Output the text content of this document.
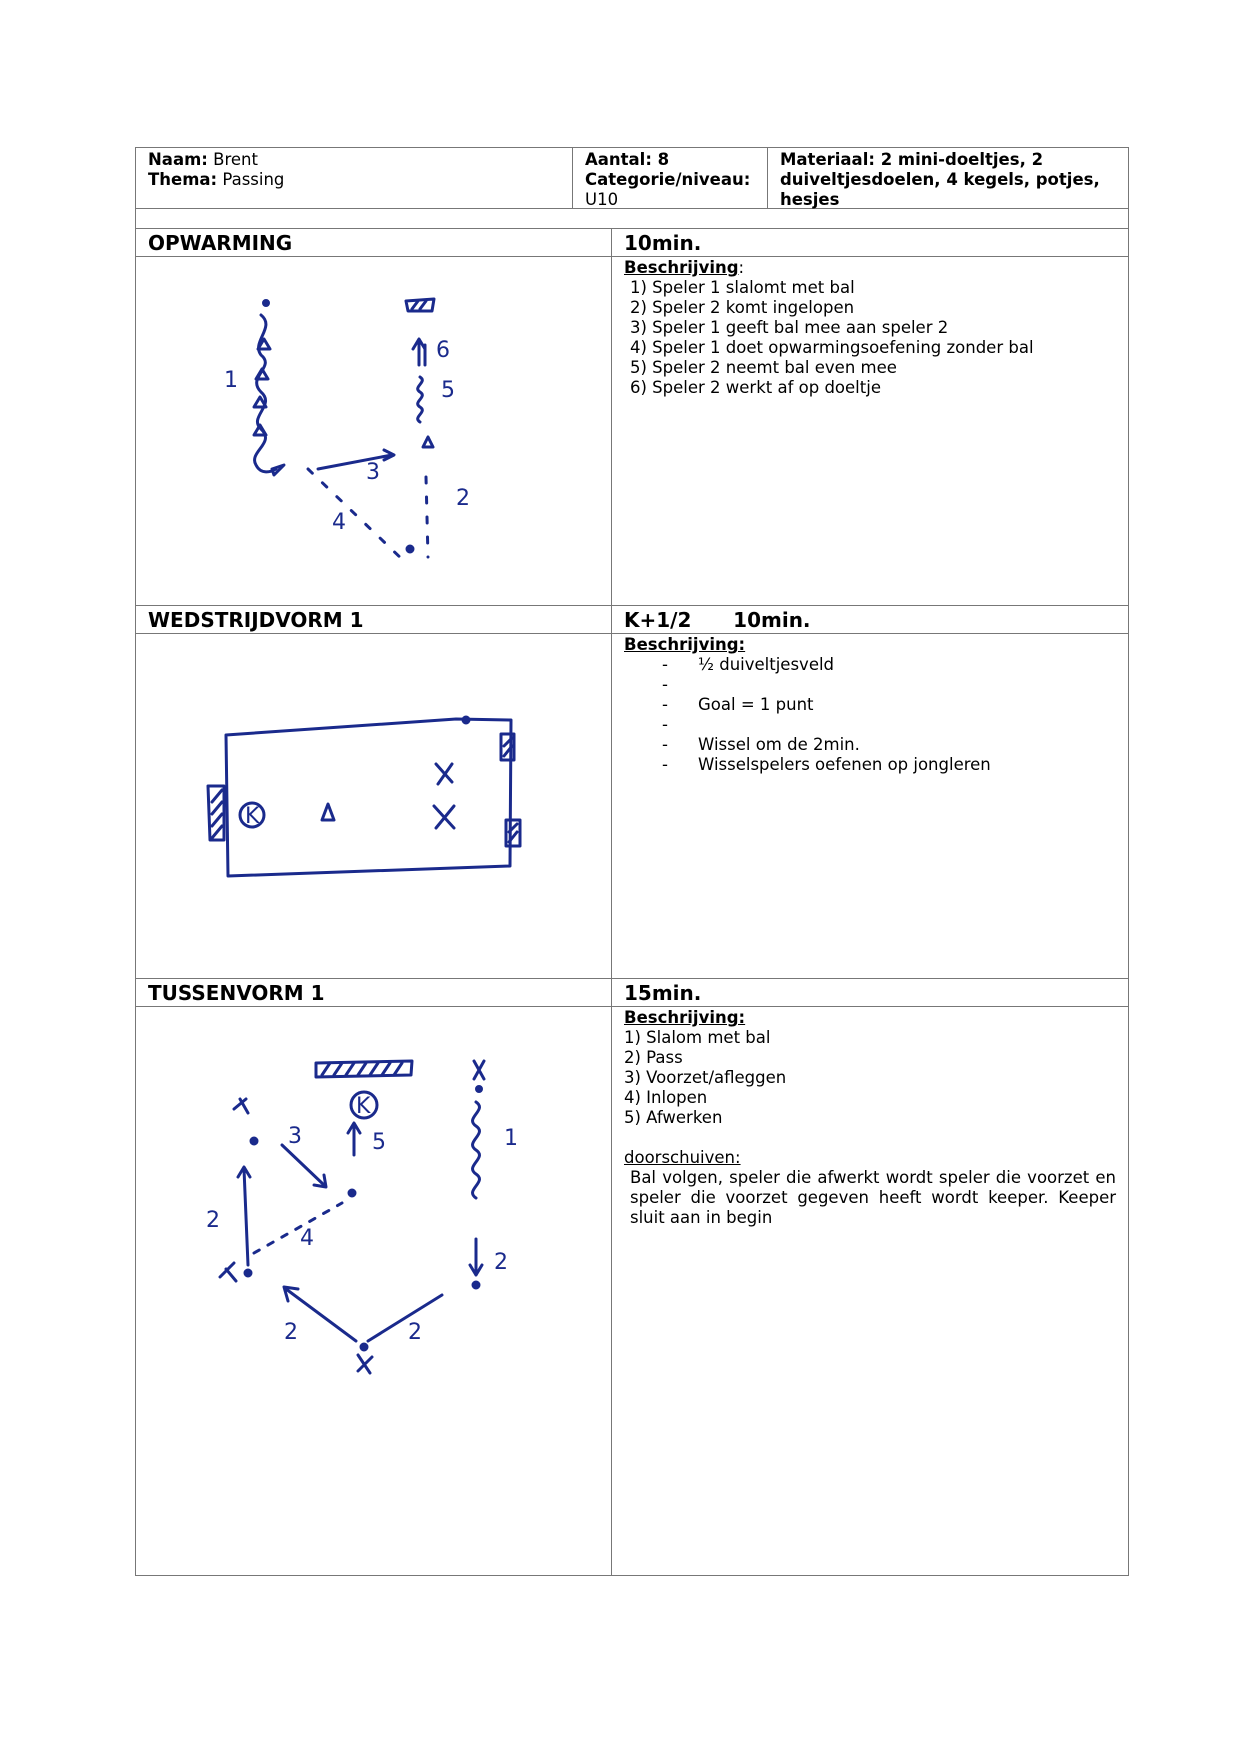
Naam: Brent
Thema: Passing
Aantal: 8
Categorie/niveau:
U10
Materiaal: 2 mini-doeltjes, 2 duiveltjesdoelen, 4 kegels, potjes, hesjes
OPWARMING	10min.
1
3
2
4
5
6
Beschrijving:
1) Speler 1 slalomt met bal
2) Speler 2 komt ingelopen
3) Speler 1 geeft bal mee aan speler 2
4) Speler 1 doet opwarmingsoefening zonder bal
5) Speler 2 neemt bal even mee
6) Speler 2 werkt af op doeltje
WEDSTRIJDVORM 1	K+1/2      10min.
K
Beschrijving:
- ½ duiveltjesveld
-
- Goal = 1 punt
-
- Wissel om de 2min.
- Wisselspelers oefenen op jongleren
TUSSENVORM 1	15min.
K
3	5	1
2
2
4
2	2
Beschrijving:
1) Slalom met bal
2) Pass
3) Voorzet/afleggen
4) Inlopen
5) Afwerken
doorschuiven:
Bal volgen, speler die afwerkt wordt speler die voorzet en speler die voorzet gegeven heeft wordt keeper. Keeper sluit aan in begin
